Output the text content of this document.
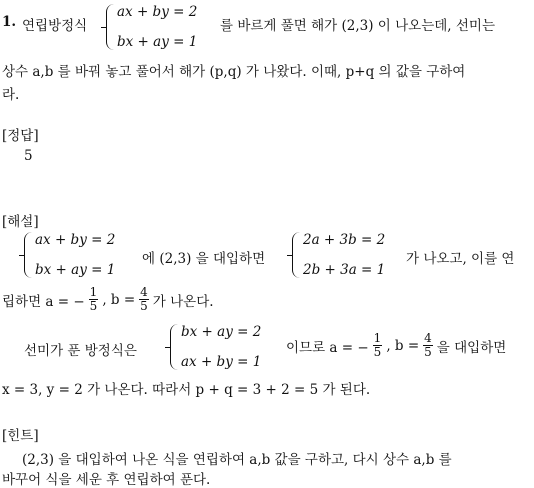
1. 연립방정식
ax + by = 2
bx + ay = 1
를 바르게 풀면 해가 (2,3) 이 나오는데, 선미는
상수 a,b 를 바꿔 놓고 풀어서 해가 (p,q) 가 나왔다. 이때, p+q 의 값을 구하여
라.
[정답]
5
[해설]
ax + by = 2
bx + ay = 1
에 (2,3) 을 대입하면
2a + 3b = 2
2b + 3a = 1
가 나오고, 이를 연
립하면 a = − $\frac{1}{5}$ , $b = \frac{4}{5}$ 가 나온다.
선미가 푼 방정식은
bx + ay = 2
ax + by = 1
이므로 a = − $\frac{1}{5}$ , $b = \frac{4}{5}$ 을 대입하면
x = 3, y = 2 가 나온다. 따라서 p + q = 3 + 2 = 5 가 된다.
[힌트]
(2,3) 을 대입하여 나온 식을 연립하여 a,b 값을 구하고, 다시 상수 a,b 를
바꾸어 식을 세운 후 연립하여 푼다.
